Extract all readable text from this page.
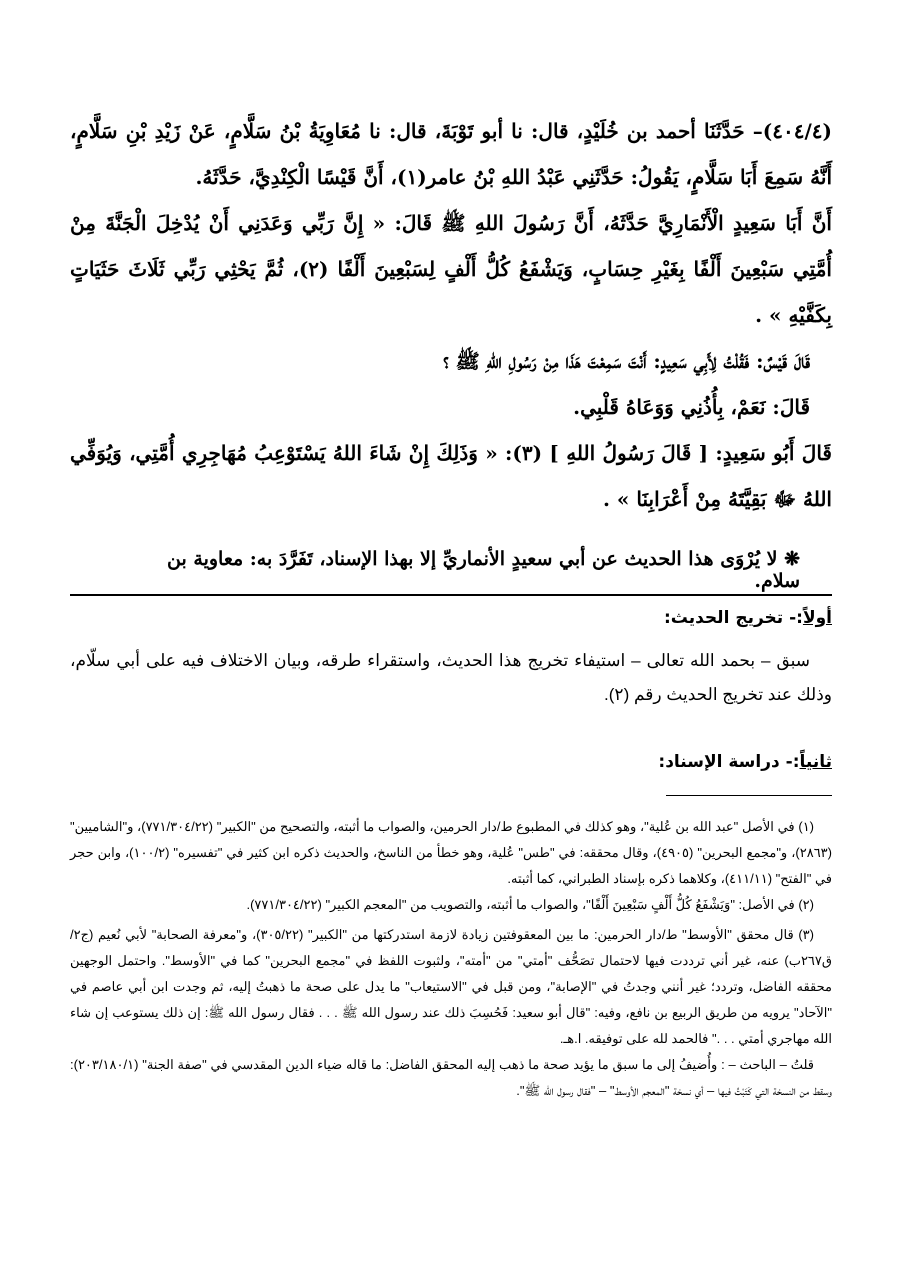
(٤٠٤/٤)– حَدَّثَنَا أحمد بن خُلَيْدٍ، قال: نا أبو تَوْبَةَ، قال: نا مُعَاوِيَةُ بْنُ سَلَّامٍ، عَنْ زَيْدِ بْنِ سَلَّامٍ، أَنَّهُ سَمِعَ أَبَا سَلَّامٍ، يَقُولُ: حَدَّثَنِي عَبْدُ اللهِ بْنُ عامر(١)، أَنَّ قَيْسًا الْكِنْدِيَّ، حَدَّثَهُ.

أَنَّ أَبَا سَعِيدٍ الْأَنْمَارِيَّ حَدَّثَهُ، أَنَّ رَسُولَ اللهِ ﷺ قَالَ: « إِنَّ رَبِّي وَعَدَنِي أَنْ يُدْخِلَ الْجَنَّةَ مِنْ أُمَّتِي سَبْعِينَ أَلْفًا بِغَيْرِ حِسَابٍ، وَيَشْفَعُ كُلُّ أَلْفٍ لِسَبْعِينَ أَلْفًا (٢)، ثُمَّ يَحْثِي رَبِّي ثَلَاثَ حَثَيَاتٍ بِكَفَّيْهِ » .

قَالَ قَيْسٌ: فَقُلْتُ لِأَبِي سَعِيدٍ: أَنْتَ سَمِعْتَ هَذَا مِنْ رَسُولِ اللهِ ﷺ ؟

قَالَ: نَعَمْ، بِأُذُنِي وَوَعَاهُ قَلْبِي.

قَالَ أَبُو سَعِيدٍ: [ قَالَ رَسُولُ اللهِ ] (٣): « وَذَلِكَ إِنْ شَاءَ اللهُ يَسْتَوْعِبُ مُهَاجِرِي أُمَّتِي، وَيُوَفِّي اللهُ ﷻ بَقِيَّتَهُ مِنْ أَعْرَابِنَا » .

❋ لا يُرْوَى هذا الحديث عن أبي سعيدٍ الأنماريِّ إلا بهذا الإسناد، تَفَرَّدَ به: معاوية بن سلام.
أولاً:- تخريج الحديث:

سبق – بحمد الله تعالى – استيفاء تخريج هذا الحديث، واستقراء طرقه، وبيان الاختلاف فيه على أبي سلّام، وذلك عند تخريج الحديث رقم (٢).

ثانياً:- دراسة الإسناد:

(١) في الأصل "عبد الله بن عُلية"، وهو كذلك في المطبوع ط/دار الحرمين، والصواب ما أثبته، والتصحيح من "الكبير" (٧٧١/٣٠٤/٢٢)، و"الشاميين" (٢٨٦٣)، و"مجمع البحرين" (٤٩٠٥)، وقال محققه: في "طس" عُلية، وهو خطأ من الناسخ، والحديث ذكره ابن كثير في "تفسيره" (١٠٠/٢)، وابن حجر في "الفتح" (٤١١/١١)، وكلاهما ذكره بإسناد الطبراني، كما أثبته.

(٢) في الأصل: "وَيَشْفَعُ كُلُّ أَلْفٍ سَبْعِينَ أَلْفًا"، والصواب ما أثبته، والتصويب من "المعجم الكبير" (٧٧١/٣٠٤/٢٢).

(٣) قال محقق "الأوسط" ط/دار الحرمين: ما بين المعقوفتين زيادة لازمة استدركتها من "الكبير" (٣٠٥/٢٢)، و"معرفة الصحابة" لأبي نُعيم (ج٢/ق٢٦٧ب) عنه، غير أني ترددت فيها لاحتمال تصَحُّف "أمتي" من "أمته"، ولثبوت اللفظ في "مجمع البحرين" كما في "الأوسط". واحتمل الوجهين محققه الفاضل، وتردد؛ غير أنني وجدتُ في "الإصابة"، ومن قبل في "الاستيعاب" ما يدل على صحة ما ذهبتُ إليه، ثم وجدت ابن أبي عاصم في "الآحاد" يرويه من طريق الربيع بن نافع، وفيه: "قال أبو سعيد: فَحُسِبَ ذلك عند رسول الله ﷺ . . . فقال رسول الله ﷺ: إن ذلك يستوعب إن شاء الله مهاجري أمتي . . ." فالحمد لله على توفيقه. ا.هـ.

قلتُ – الباحث – : وأُضيفُ إلى ما سبق ما يؤيد صحة ما ذهب إليه المحقق الفاضل: ما قاله ضياء الدين المقدسي في "صفة الجنة" (٢٠٣/١٨٠/١): وسقط من النسخة التي كَتَبْتُ فيها – أي نسخة "المعجم الأوسط" – "فقال رسول الله ﷺ".
